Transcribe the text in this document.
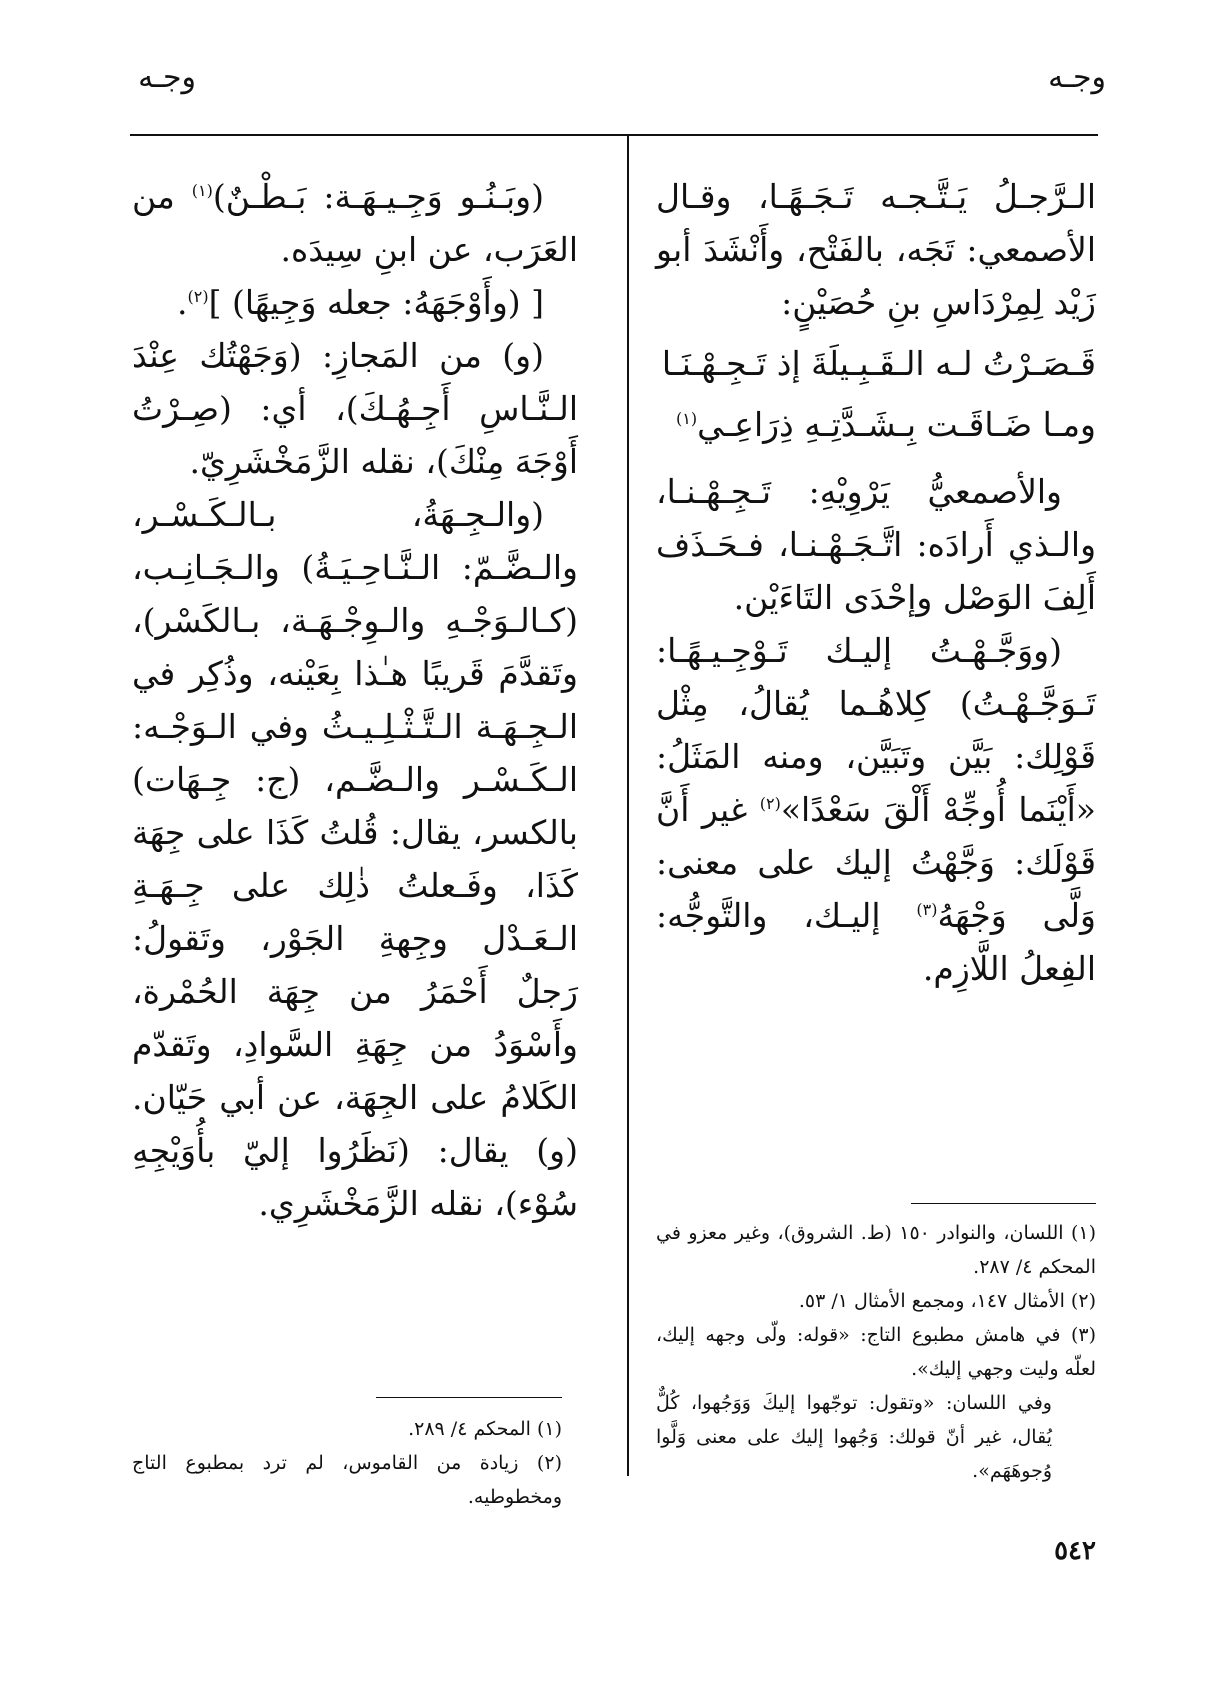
وجـه
وجـه

الـرَّجـلُ يَـتَّـجـه تَـجَـهًـا، وقـال الأصمعي: تَجَه، بالفَتْح، وأَنْشَدَ أبو زَيْد لِمِرْدَاسِ بنِ حُصَيْنٍ:

قَـصَـرْتُ لـه الـقَـبِـيلَةَ إذ تَـجِـهْـنَـا

ومـا ضَـاقَـت بِـشَـدَّتِـهِ ذِرَاعِـي$^{(١)}$

والأصمعيُّ يَرْوِيْهِ: تَـجِـهْـنـا، والـذي أَرادَه: اتَّـجَـهْـنـا، فـحَـذَف أَلِفَ الوَصْل وإحْدَى التَاءَيْن.

(ووَجَّـهْـتُ إليـك تَـوْجِـيـهًـا: تَـوَجَّـهْـتُ) كِلاهُـما يُقالُ، مِثْل قَوْلِك: بَيَّن وتَبَيَّن، ومنه المَثَلُ: «أَيْنَما أُوجِّهْ أَلْقَ سَعْدًا»$^{(٢)}$ غير أَنَّ قَوْلَك: وَجَّهْتُ إليك على معنى: وَلَّى وَجْهَهُ$^{(٣)}$ إليـك، والتَّوجُّه: الفِعلُ اللَّازِم.

(١) اللسان، والنوادر ١٥٠ (ط. الشروق)، وغير معزو في المحكم ٤/ ٢٨٧.

(٢) الأمثال ١٤٧، ومجمع الأمثال ١/ ٥٣.

(٣) في هامش مطبوع التاج: «قوله: ولّى وجهه إليك، لعلّه وليت وجهي إليك».

وفي اللسان: «وتقول: توجّهوا إليكَ وَوَجُهوا، كُلٌّ يُقال، غير أنّ قولك: وَجُهوا إليك على معنى وَلَّوا وُجوهَهَم».

(وبَـنُـو وَجِـيـهَـة: بَـطْـنٌ)$^{(١)}$ من العَرَب، عن ابنِ سِيدَه.

[ (وأَوْجَهَهُ: جعله وَجِيهًا) ]$^{(٢)}$.

(و) من المَجازِ: (وَجَهْتُك عِنْدَ الـنَّـاسِ أَجِـهُـكَ)، أي: (صِـرْتُ أَوْجَهَ مِنْكَ)، نقله الزَّمَخْشَرِيّ.

(والـجِـهَةُ، بـالـكَـسْـر، والـضَّـمّ: الـنَّـاحِـيَـةُ) والـجَـانِـب، (كـالـوَجْـهِ والـوِجْـهَـة، بـالكَسْر)، وتَقدَّمَ قَريبًا هـٰذا بِعَيْنه، وذُكِر في الـجِـهَـة الـتَّـثْـلِـيـثُ وفي الـوَجْـه: الـكَـسْـر والـضَّـم، (ج: جِـهَات) بالكسر، يقال: قُلتُ كَذَا على جِهَة كَذَا، وفَـعلتُ ذٰلِك على جِـهَـةِ الـعَـدْل وجِهةِ الجَوْر، وتَقولُ: رَجلٌ أَحْمَرُ من جِهَة الحُمْرة، وأَسْوَدُ من جِهَةِ السَّوادِ، وتَقدّم الكَلامُ على الجِهَة، عن أبي حَيّان. (و) يقال: (نَظَرُوا إليّ بأُوَيْجِهِ سُوْء)، نقله الزَّمَخْشَرِي.

(١) المحكم ٤/ ٢٨٩.

(٢) زيادة من القاموس، لم ترد بمطبوع التاج ومخطوطيه.

٥٤٢
